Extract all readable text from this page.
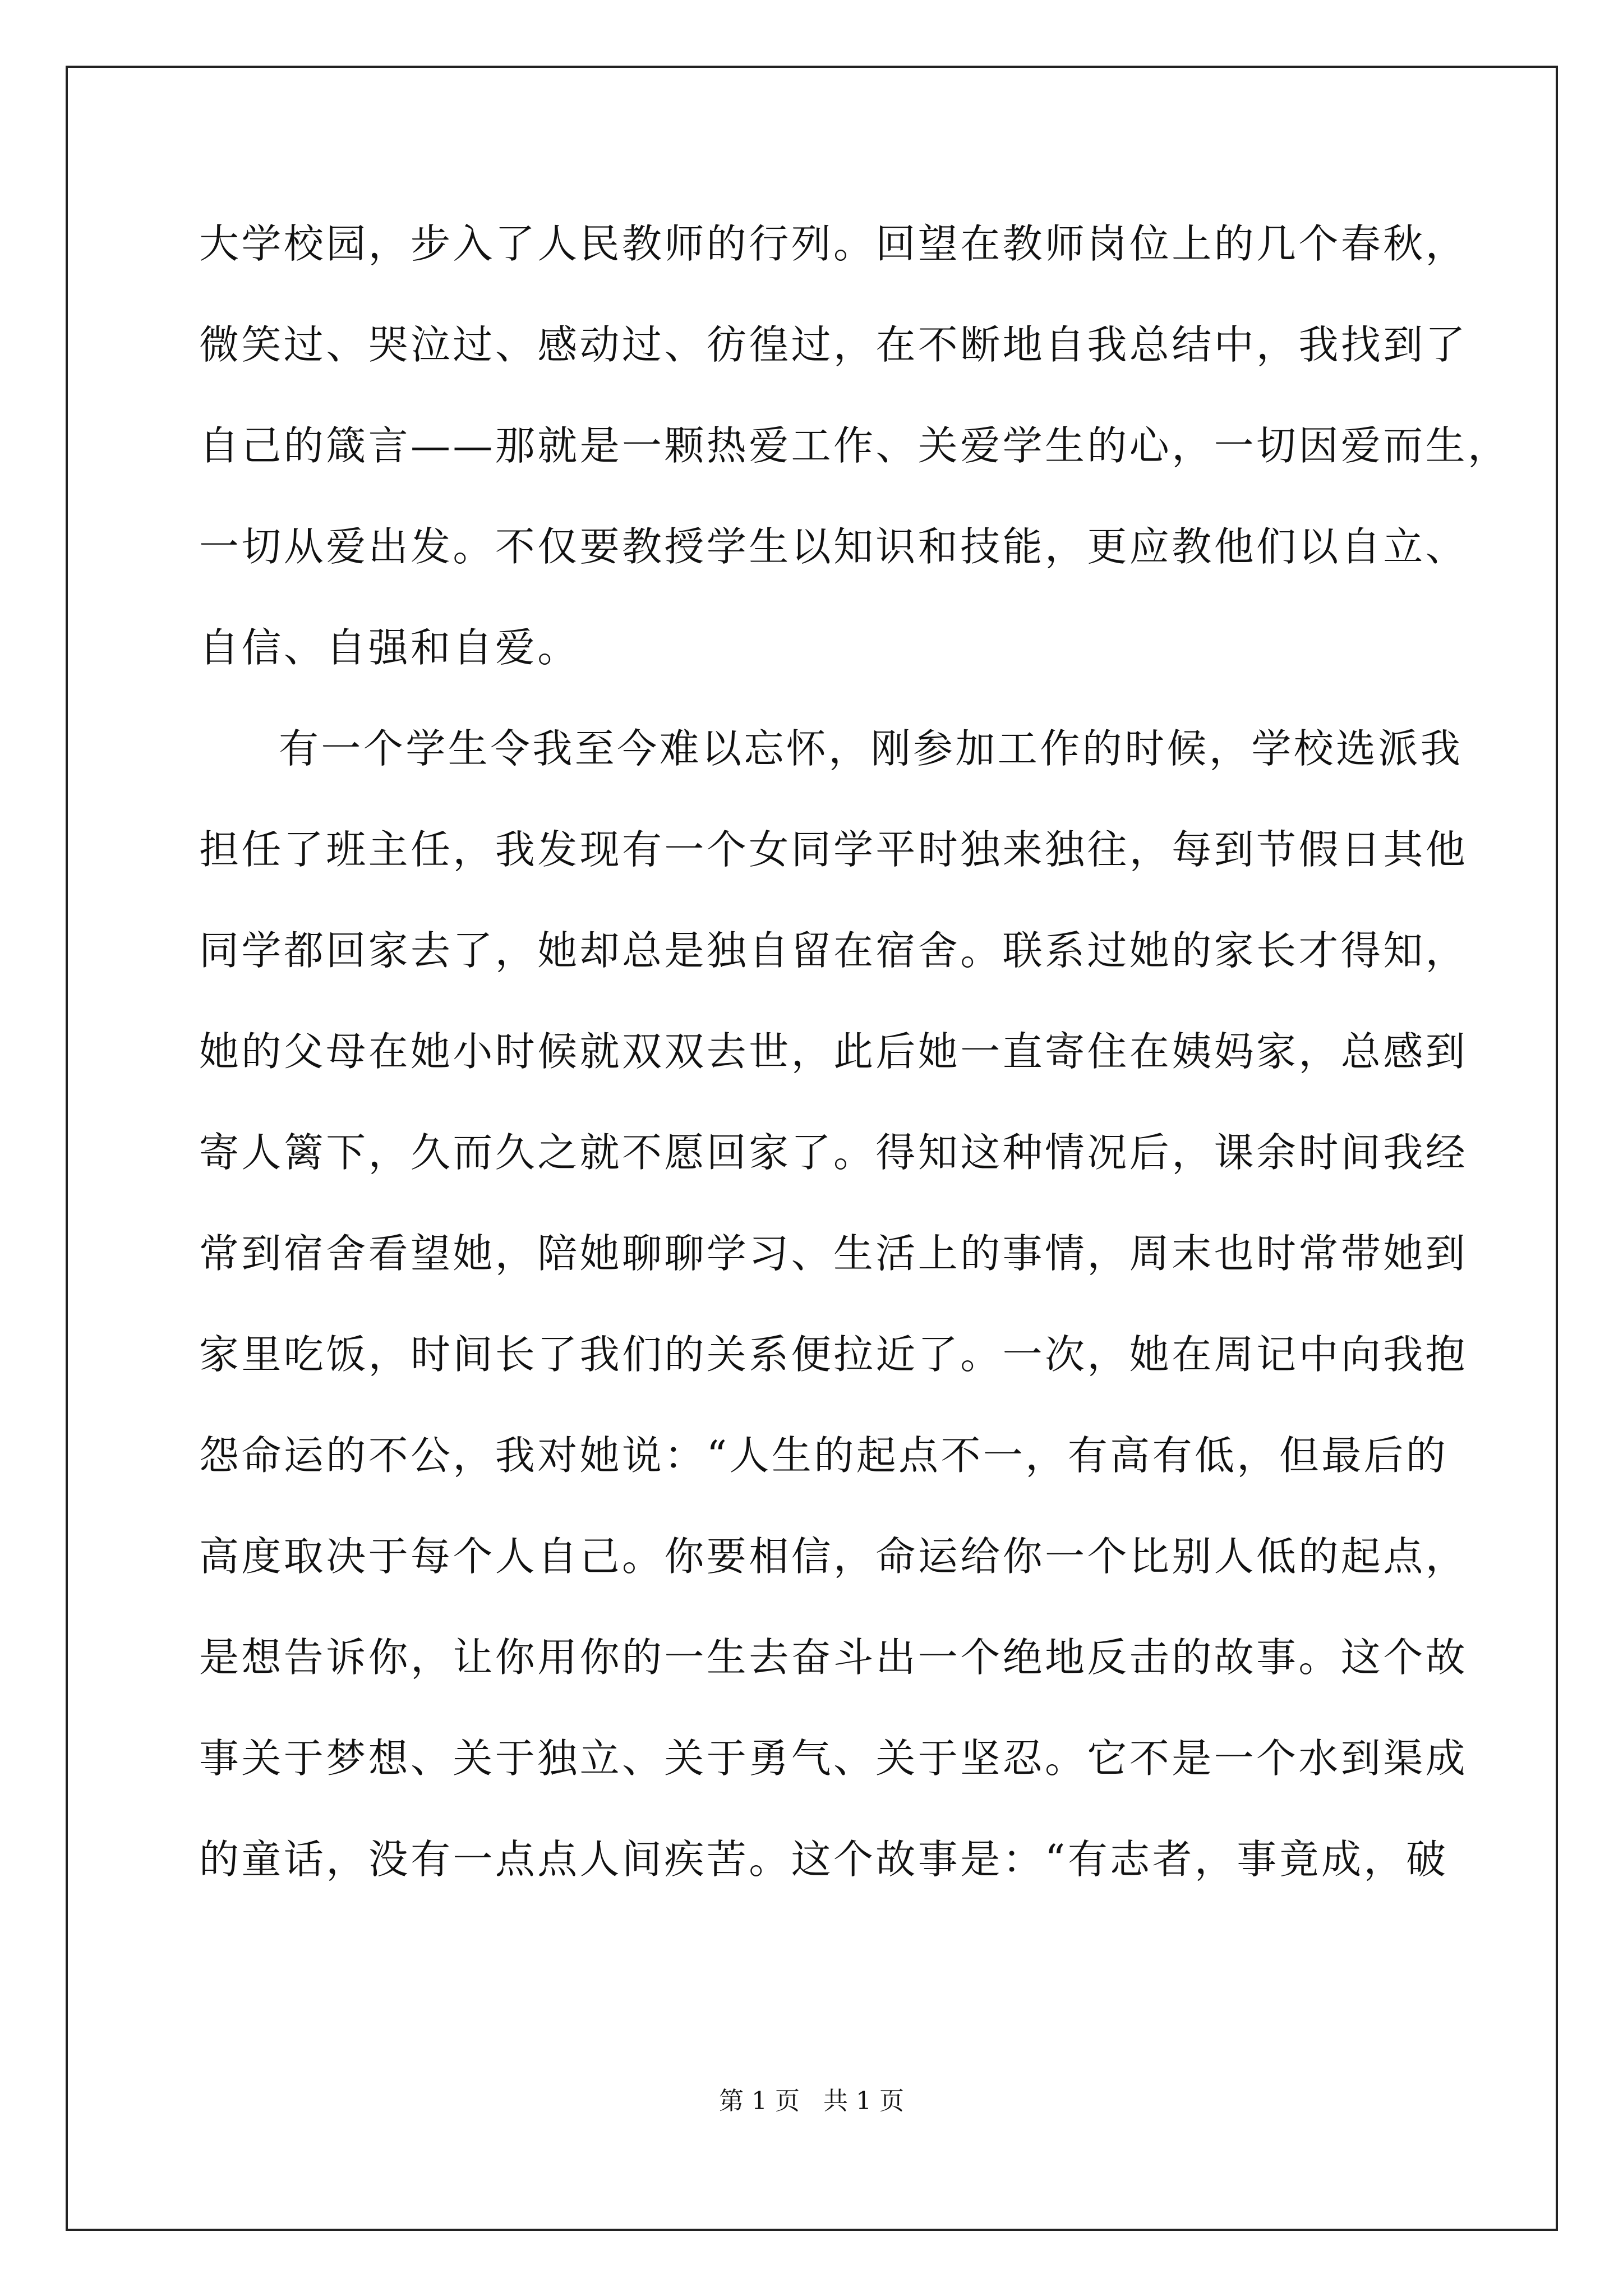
大学校园，步入了人民教师的行列。回望在教师岗位上的几个春秋，
微笑过、哭泣过、感动过、彷徨过，在不断地自我总结中，我找到了
自己的箴言——那就是一颗热爱工作、关爱学生的心，一切因爱而生，
一切从爱出发。不仅要教授学生以知识和技能，更应教他们以自立、
自信、自强和自爱。
有一个学生令我至今难以忘怀，刚参加工作的时候，学校选派我
担任了班主任，我发现有一个女同学平时独来独往，每到节假日其他
同学都回家去了，她却总是独自留在宿舍。联系过她的家长才得知，
她的父母在她小时候就双双去世，此后她一直寄住在姨妈家，总感到
寄人篱下，久而久之就不愿回家了。得知这种情况后，课余时间我经
常到宿舍看望她，陪她聊聊学习、生活上的事情，周末也时常带她到
家里吃饭，时间长了我们的关系便拉近了。一次，她在周记中向我抱
怨命运的不公，我对她说：“人生的起点不一，有高有低，但最后的
高度取决于每个人自己。你要相信，命运给你一个比别人低的起点，
是想告诉你，让你用你的一生去奋斗出一个绝地反击的故事。这个故
事关于梦想、关于独立、关于勇气、关于坚忍。它不是一个水到渠成
的童话，没有一点点人间疾苦。这个故事是：“有志者，事竟成，破
第 1 页   共 1 页
